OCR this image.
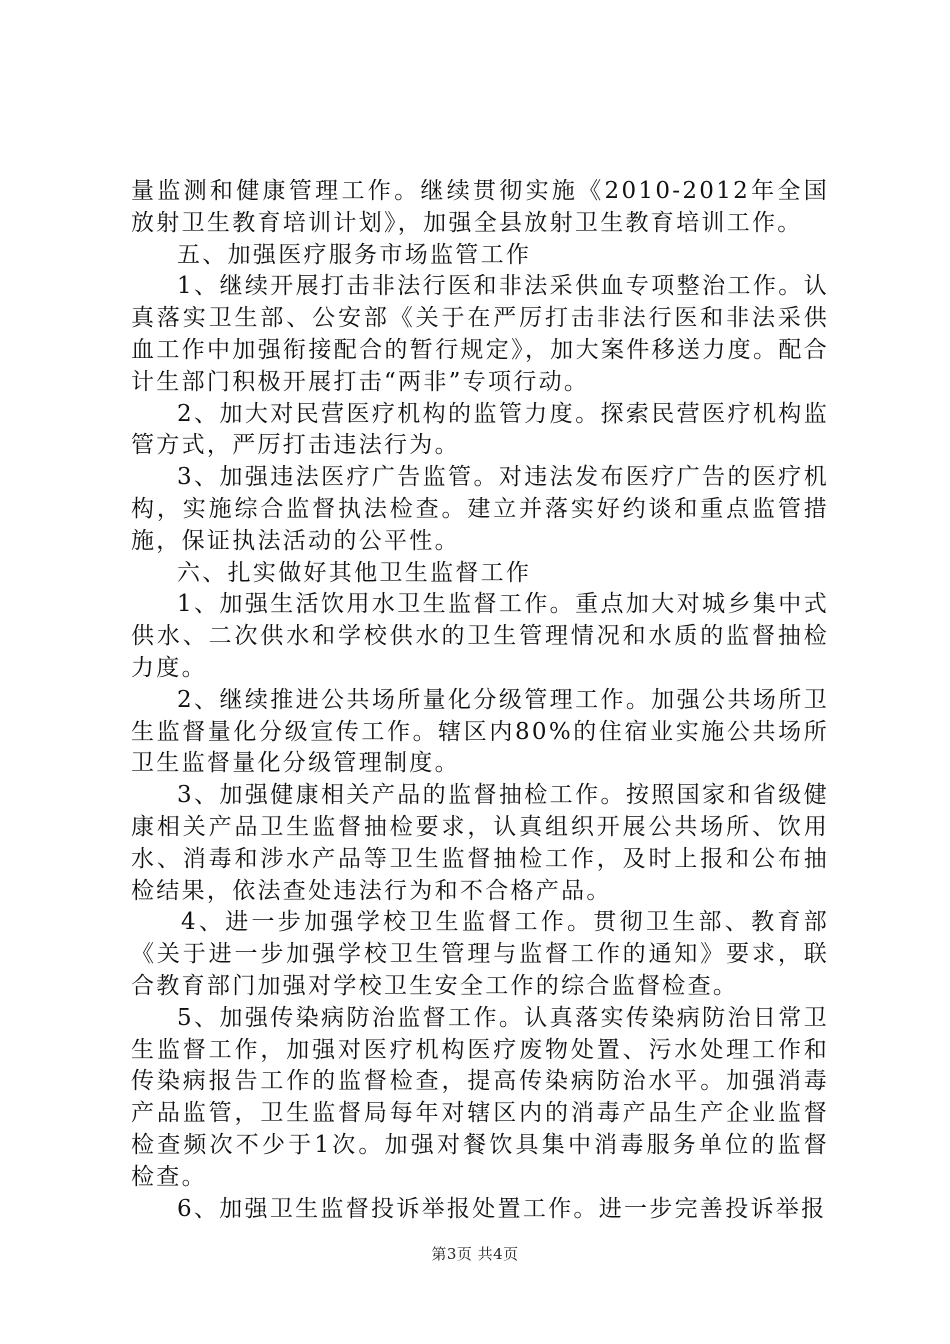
量监测和健康管理工作。继续贯彻实施《2010-2012年全国放射卫生教育培训计划》，加强全县放射卫生教育培训工作。

五、加强医疗服务市场监管工作

1、继续开展打击非法行医和非法采供血专项整治工作。认真落实卫生部、公安部《关于在严厉打击非法行医和非法采供血工作中加强衔接配合的暂行规定》，加大案件移送力度。配合计生部门积极开展打击“两非”专项行动。

2、加大对民营医疗机构的监管力度。探索民营医疗机构监管方式，严厉打击违法行为。

3、加强违法医疗广告监管。对违法发布医疗广告的医疗机构，实施综合监督执法检查。建立并落实好约谈和重点监管措施，保证执法活动的公平性。

六、扎实做好其他卫生监督工作

1、加强生活饮用水卫生监督工作。重点加大对城乡集中式供水、二次供水和学校供水的卫生管理情况和水质的监督抽检力度。

2、继续推进公共场所量化分级管理工作。加强公共场所卫生监督量化分级宣传工作。辖区内80%的住宿业实施公共场所卫生监督量化分级管理制度。

3、加强健康相关产品的监督抽检工作。按照国家和省级健康相关产品卫生监督抽检要求，认真组织开展公共场所、饮用水、消毒和涉水产品等卫生监督抽检工作，及时上报和公布抽检结果，依法查处违法行为和不合格产品。

4、进一步加强学校卫生监督工作。贯彻卫生部、教育部《关于进一步加强学校卫生管理与监督工作的通知》要求，联合教育部门加强对学校卫生安全工作的综合监督检查。

5、加强传染病防治监督工作。认真落实传染病防治日常卫生监督工作，加强对医疗机构医疗废物处置、污水处理工作和传染病报告工作的监督检查，提高传染病防治水平。加强消毒产品监管，卫生监督局每年对辖区内的消毒产品生产企业监督检查频次不少于1次。加强对餐饮具集中消毒服务单位的监督检查。

6、加强卫生监督投诉举报处置工作。进一步完善投诉举报

第3页 共4页
